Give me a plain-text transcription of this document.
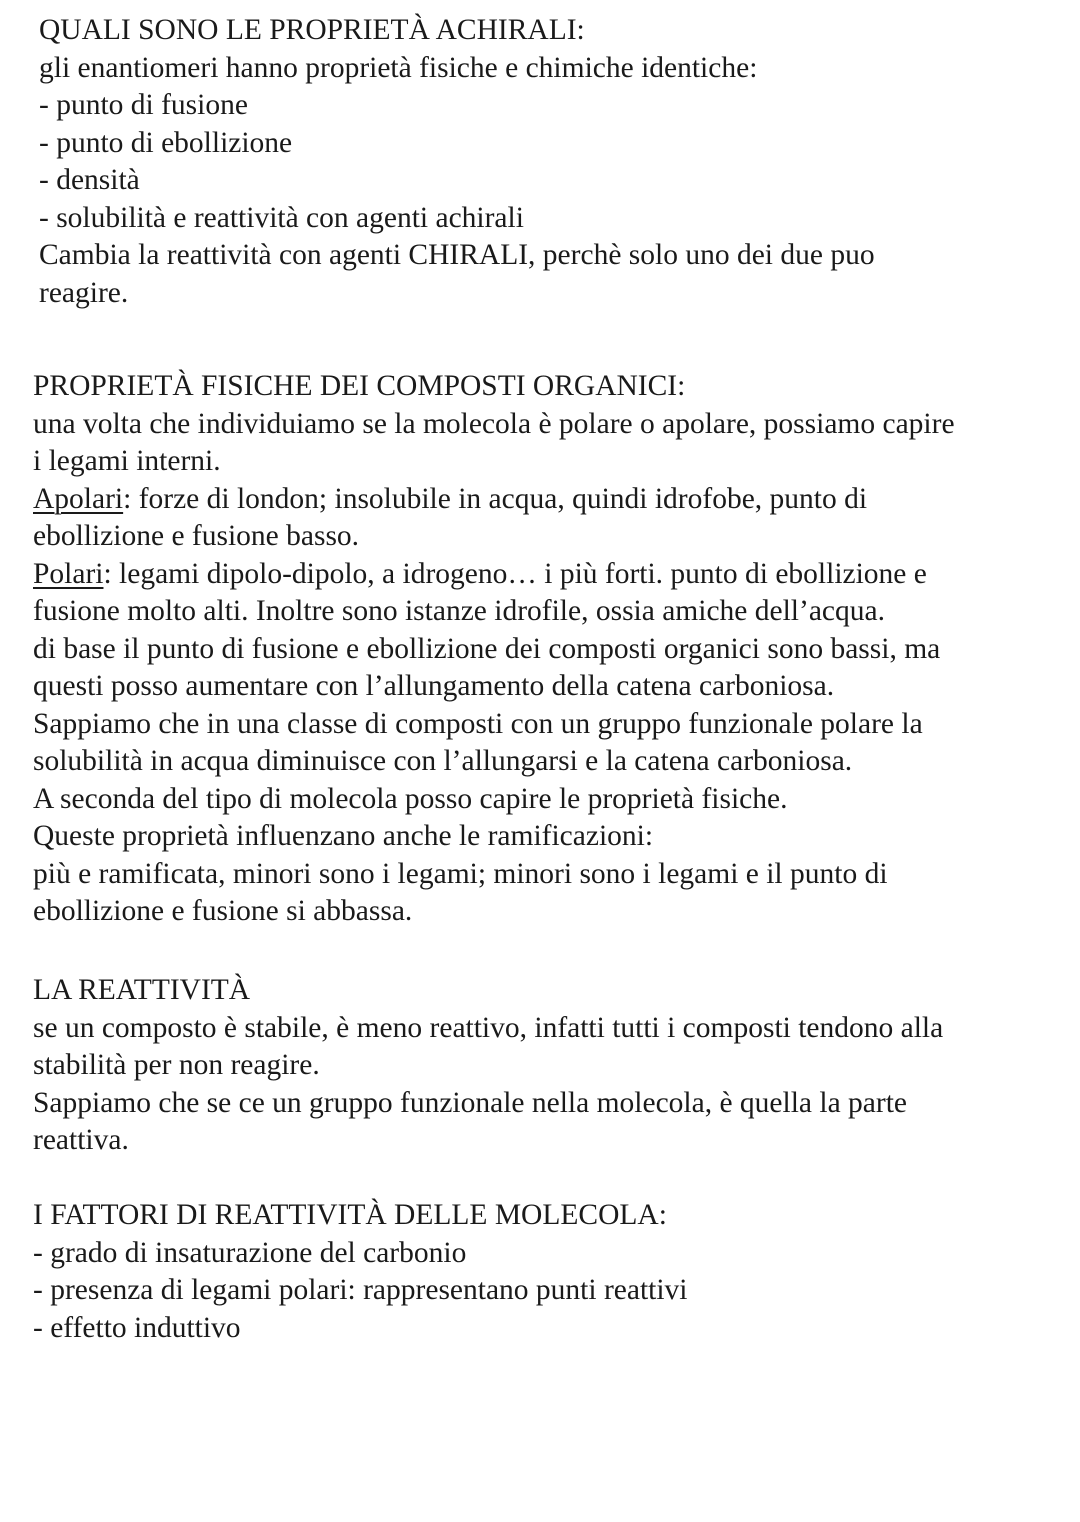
QUALI SONO LE PROPRIETÀ ACHIRALI:
gli enantiomeri hanno proprietà fisiche e chimiche identiche:
- punto di fusione
- punto di ebollizione
- densità
- solubilità e reattività con agenti achirali
Cambia la reattività con agenti CHIRALI, perchè solo uno dei due puo
reagire.
PROPRIETÀ FISICHE DEI COMPOSTI ORGANICI:
una volta che individuiamo se la molecola è polare o apolare, possiamo capire
i legami interni.
Apolari: forze di london; insolubile in acqua, quindi idrofobe, punto di
ebollizione e fusione basso.
Polari: legami dipolo-dipolo, a idrogeno… i più forti. punto di ebollizione e
fusione molto alti. Inoltre sono istanze idrofile, ossia amiche dell’acqua.
di base il punto di fusione e ebollizione dei composti organici sono bassi, ma
questi posso aumentare con l’allungamento della catena carboniosa.
Sappiamo che in una classe di composti con un gruppo funzionale polare la
solubilità in acqua diminuisce con l’allungarsi e la catena carboniosa.
A seconda del tipo di molecola posso capire le proprietà fisiche.
Queste proprietà influenzano anche le ramificazioni:
più e ramificata, minori sono i legami; minori sono i legami e il punto di
ebollizione e fusione si abbassa.
LA REATTIVITÀ
se un composto è stabile, è meno reattivo, infatti tutti i composti tendono alla
stabilità per non reagire.
Sappiamo che se ce un gruppo funzionale nella molecola, è quella la parte
reattiva.
I FATTORI DI REATTIVITÀ DELLE MOLECOLA:
- grado di insaturazione del carbonio
- presenza di legami polari: rappresentano punti reattivi
- effetto induttivo
